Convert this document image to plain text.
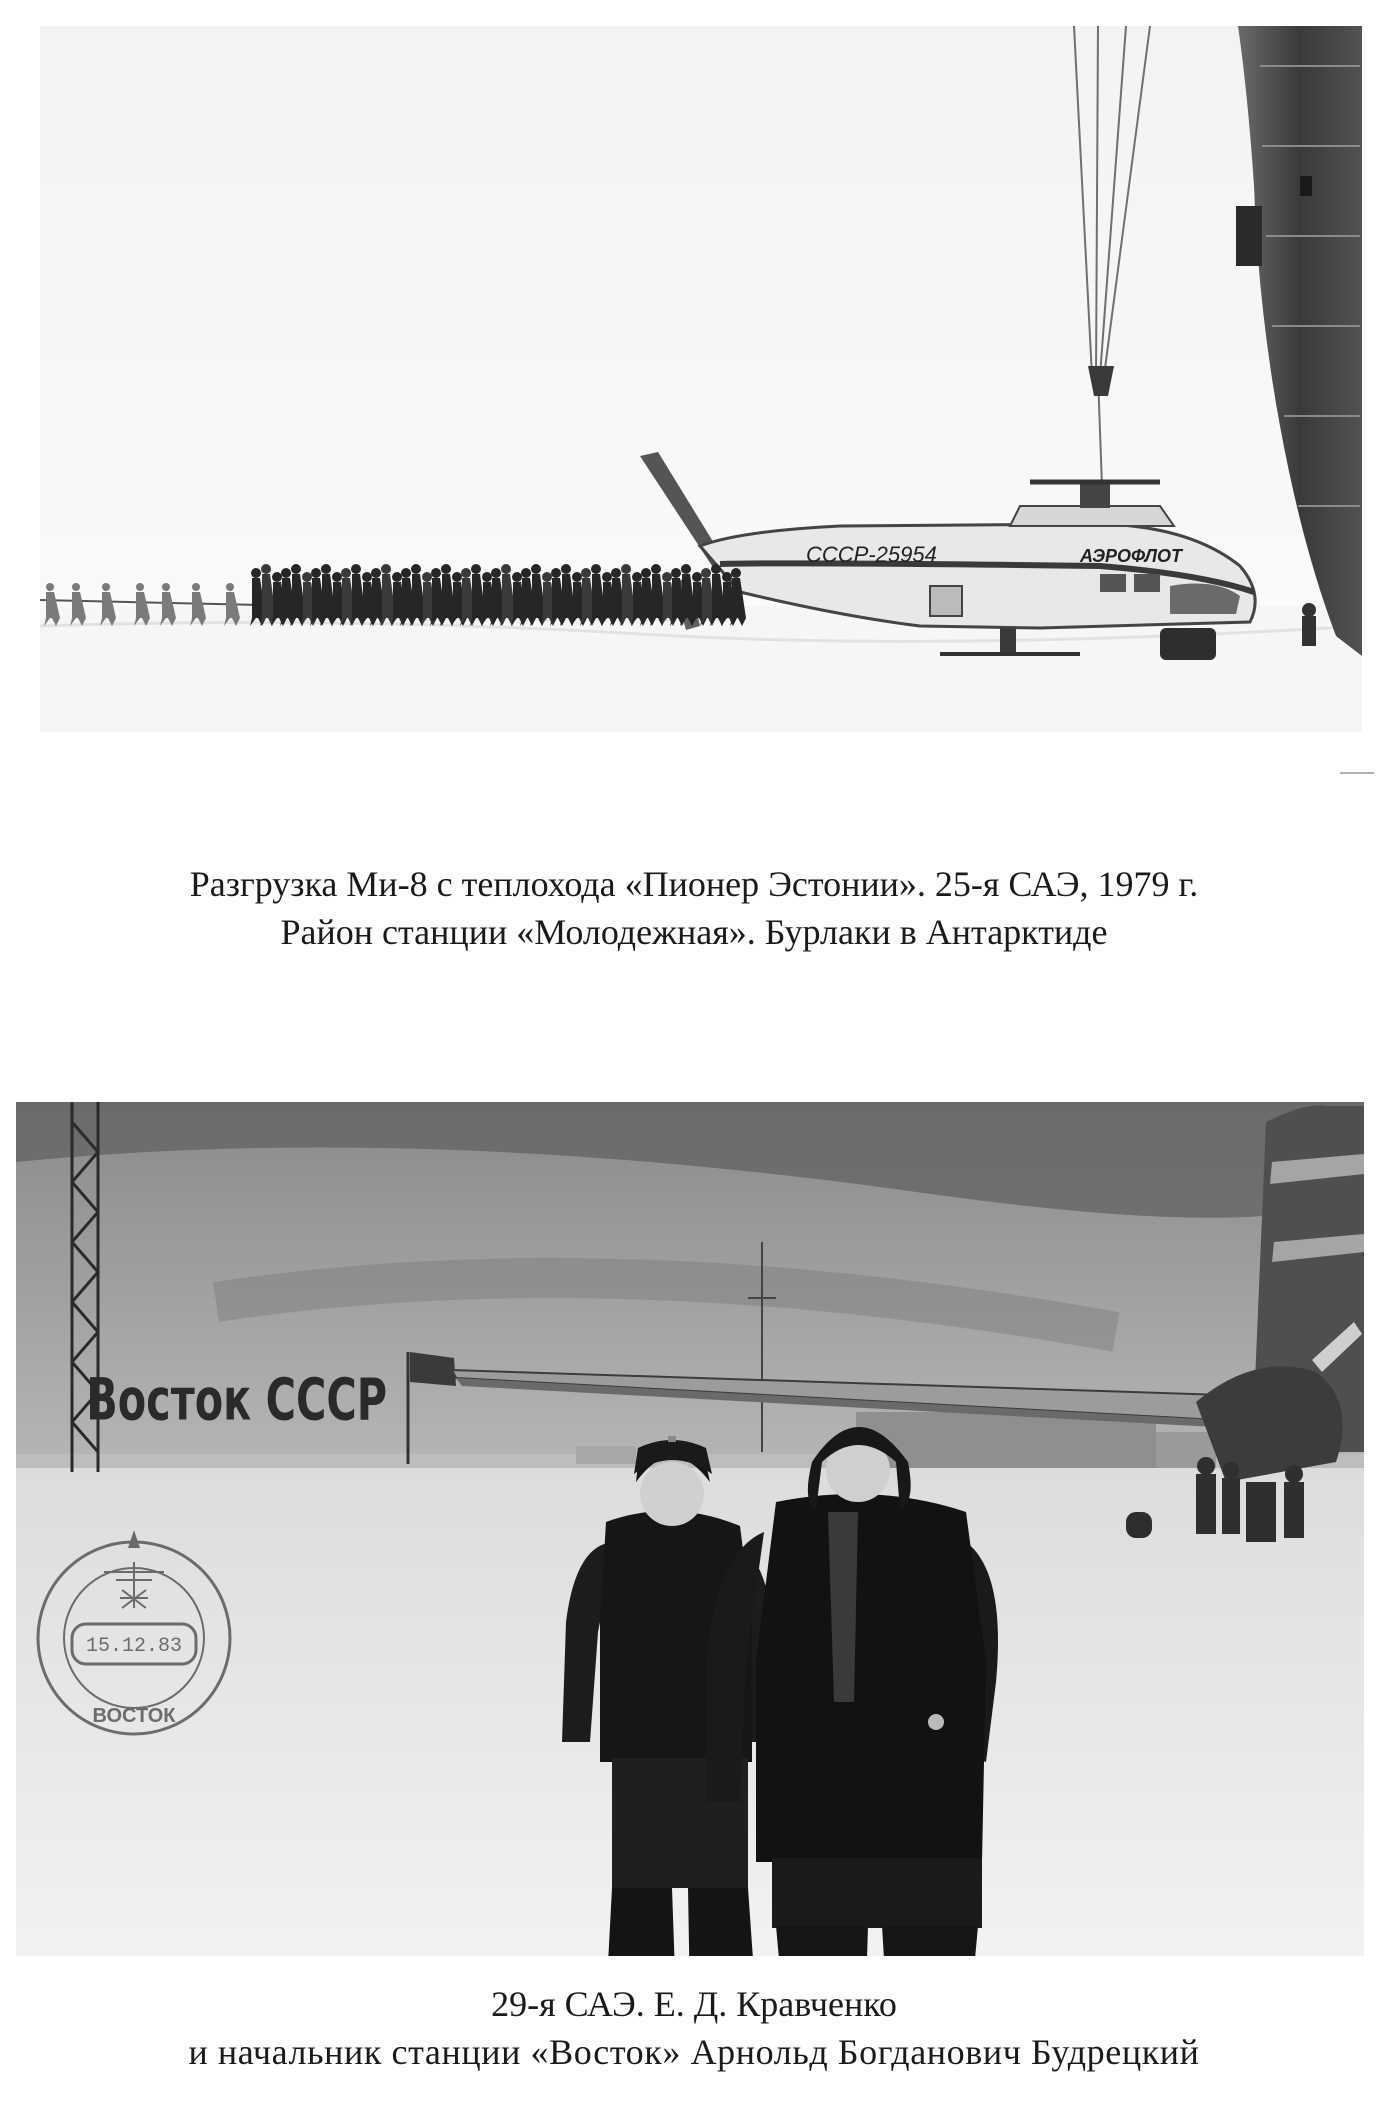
СССР-25954	АЭРОФЛОТ
Разгрузка Ми-8 с теплохода «Пионер Эстонии». 25-я САЭ, 1979 г.
Район станции «Молодежная». Бурлаки в Антарктиде
Восток СССР
15.12.83
ВОСТОК
29-я САЭ. Е. Д. Кравченко
и начальник станции «Восток» Арнольд Богданович Будрецкий
